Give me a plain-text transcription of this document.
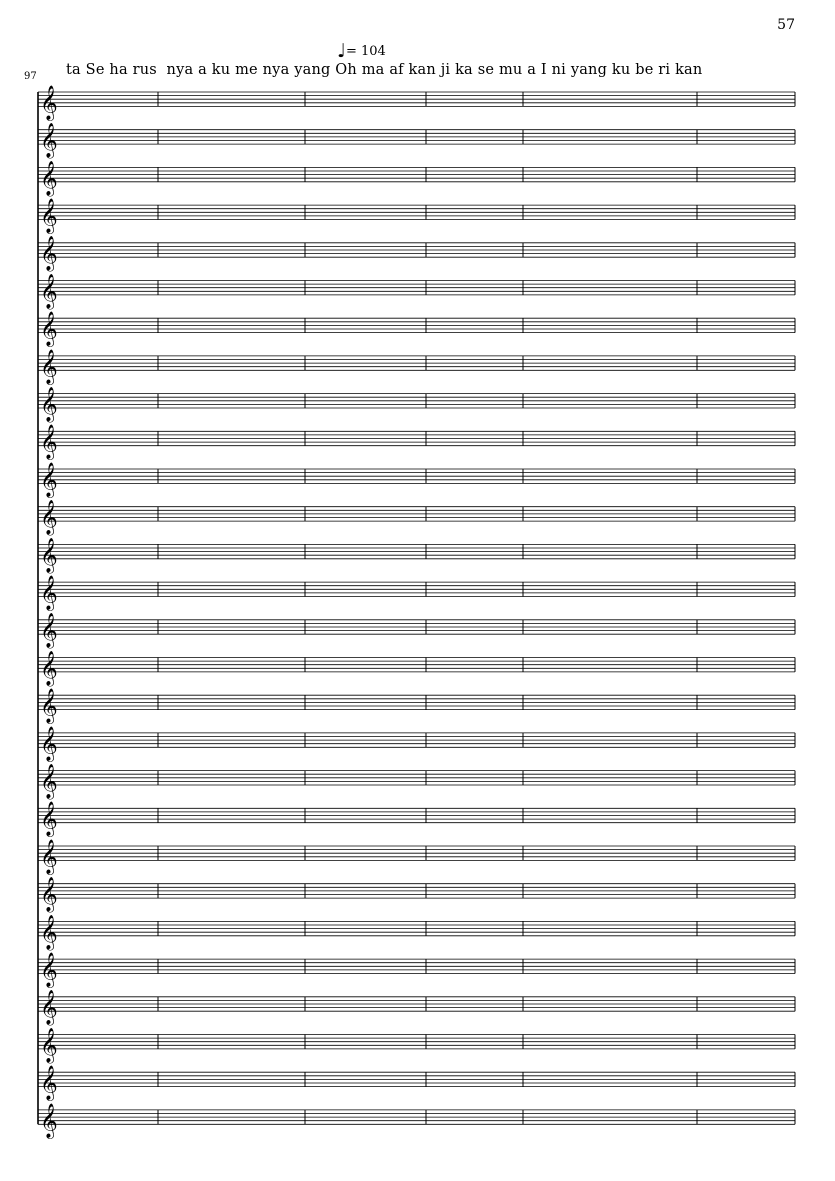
57
♩= 104
97 ta Se ha rus  nya a ku me nya yang Oh ma af kan ji ka se mu a I ni yang ku be ri kan
𝄞
𝄞
𝄞
𝄞
𝄞
𝄞
𝄞
𝄞
𝄞
𝄞
𝄞
𝄞
𝄞
𝄞
𝄞
𝄞
𝄞
𝄞
𝄞
𝄞
𝄞
𝄞
𝄞
𝄞
𝄞
𝄞
𝄞
𝄞
